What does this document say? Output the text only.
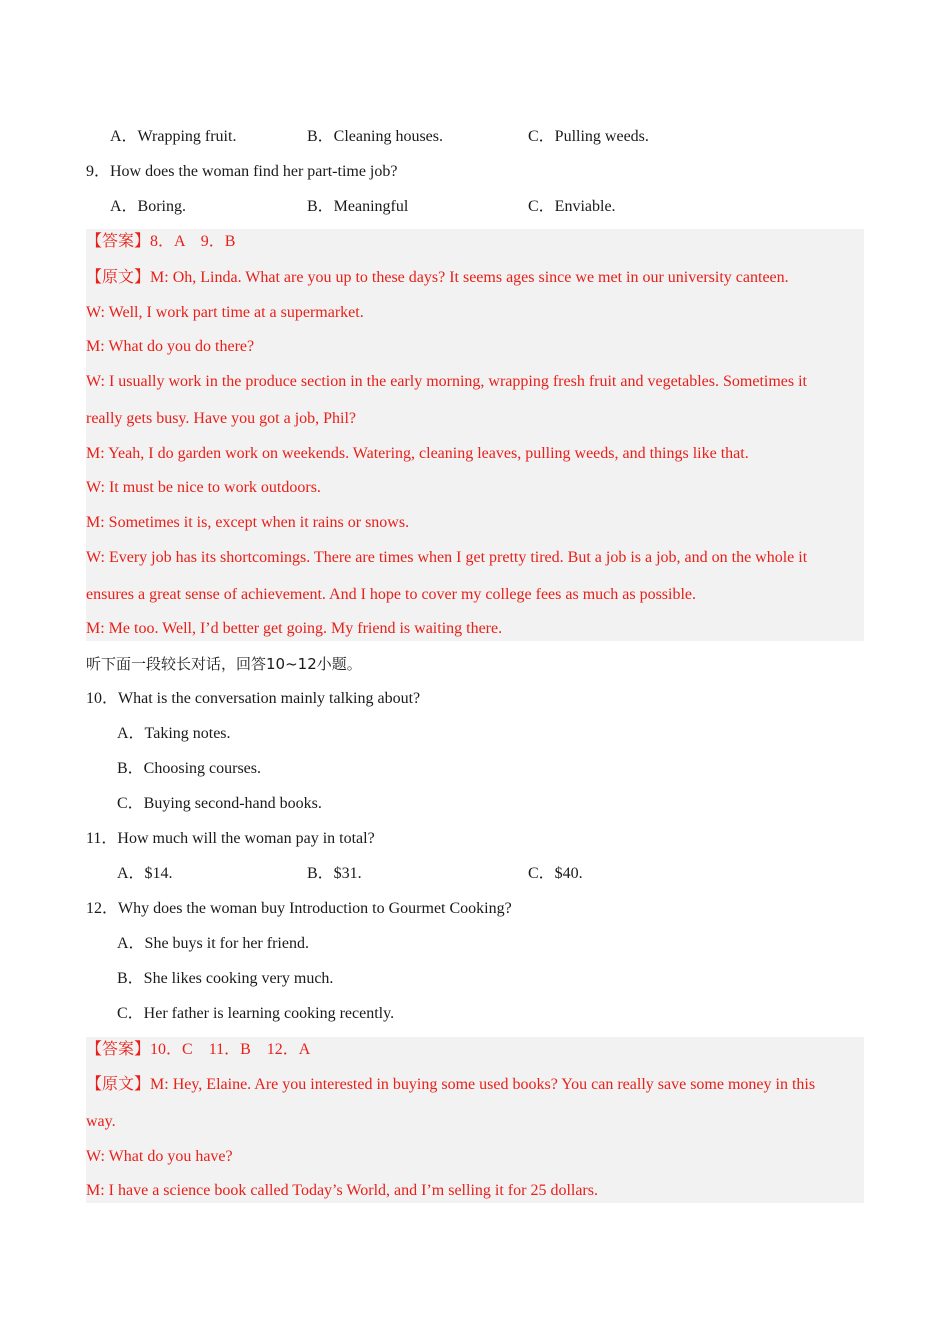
A．Wrapping fruit.	B．Cleaning houses.	C．Pulling weeds.
9．How does the woman find her part-time job?
A．Boring.	B．Meaningful	C．Enviable.
【答案】8．A　9．B
【原文】M: Oh, Linda. What are you up to these days? It seems ages since we met in our university canteen.
W: Well, I work part time at a supermarket.
M: What do you do there?
W: I usually work in the produce section in the early morning, wrapping fresh fruit and vegetables. Sometimes it
really gets busy. Have you got a job, Phil?
M: Yeah, I do garden work on weekends. Watering, cleaning leaves, pulling weeds, and things like that.
W: It must be nice to work outdoors.
M: Sometimes it is, except when it rains or snows.
W: Every job has its shortcomings. There are times when I get pretty tired. But a job is a job, and on the whole it
ensures a great sense of achievement. And I hope to cover my college fees as much as possible.
M: Me too. Well, I’d better get going. My friend is waiting there.
听下面一段较长对话，回答10~12小题。
10．What is the conversation mainly talking about?
A．Taking notes.
B．Choosing courses.
C．Buying second-hand books.
11．How much will the woman pay in total?
A．$14.	B．$31.	C．$40.
12．Why does the woman buy Introduction to Gourmet Cooking?
A．She buys it for her friend.
B．She likes cooking very much.
C．Her father is learning cooking recently.
【答案】10．C　11．B　12．A
【原文】M: Hey, Elaine. Are you interested in buying some used books? You can really save some money in this
way.
W: What do you have?
M: I have a science book called Today’s World, and I’m selling it for 25 dollars.
